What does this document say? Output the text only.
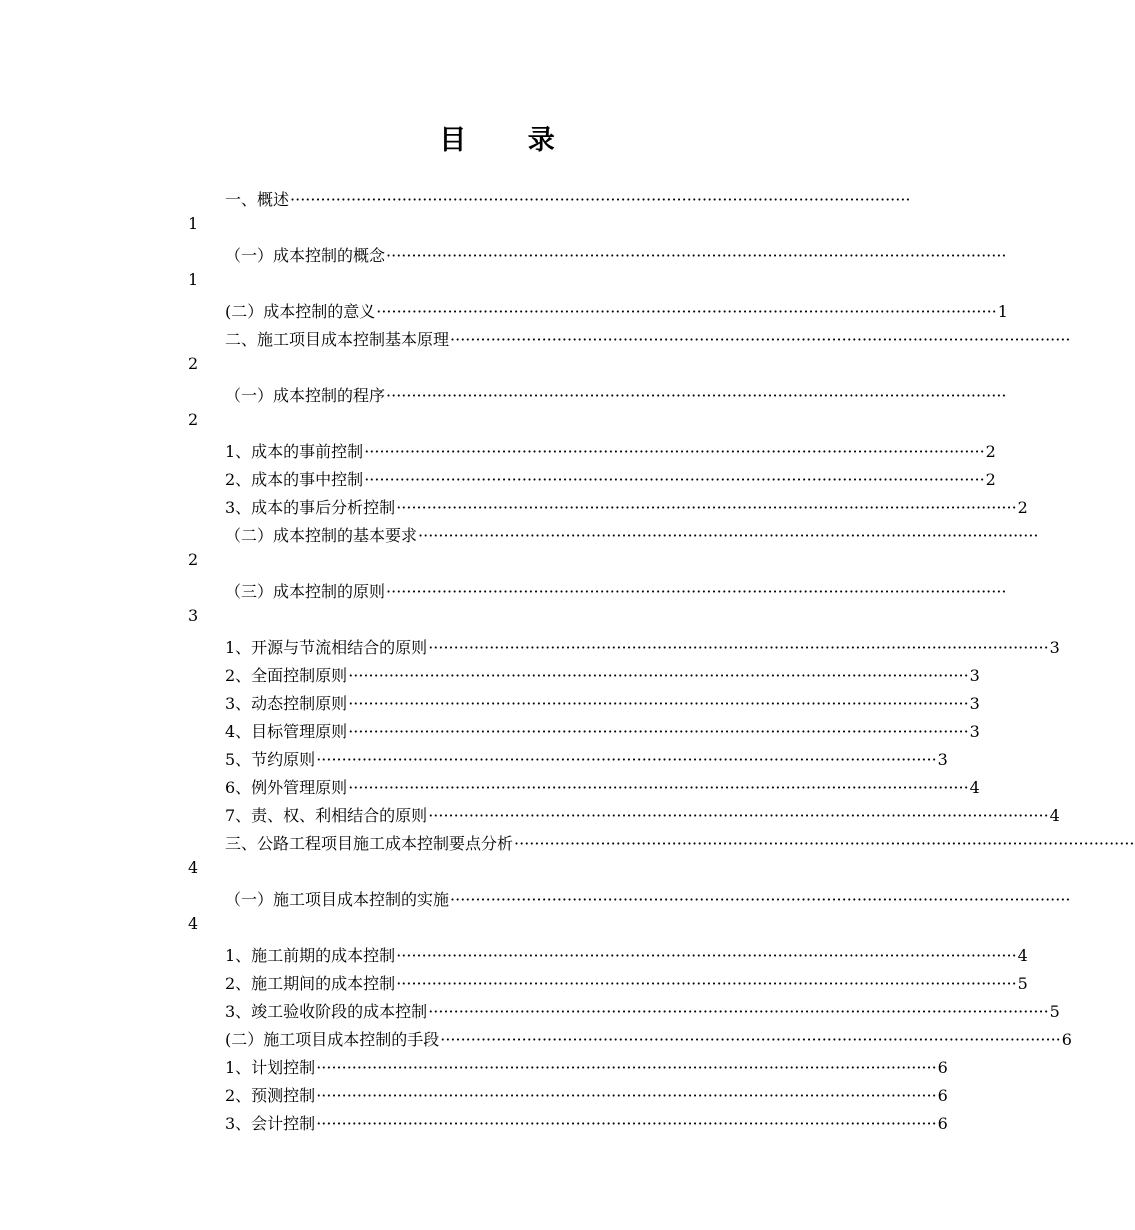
目 录
一、概述 ··························································································································
1
（一）成本控制的概念 ··························································································································
1
(二）成本控制的意义 ·························································································································· 1
二、施工项目成本控制基本原理 ··························································································································
2
（一）成本控制的程序 ··························································································································
2
1、成本的事前控制 ·························································································································· 2
2、成本的事中控制 ·························································································································· 2
3、成本的事后分析控制 ·························································································································· 2
（二）成本控制的基本要求 ··························································································································
2
（三）成本控制的原则 ··························································································································
3
1、开源与节流相结合的原则 ·························································································································· 3
2、全面控制原则 ·························································································································· 3
3、动态控制原则 ·························································································································· 3
4、目标管理原则 ·························································································································· 3
5、节约原则 ·························································································································· 3
6、例外管理原则 ·························································································································· 4
7、责、权、利相结合的原则 ·························································································································· 4
三、公路工程项目施工成本控制要点分析 ··························································································································
4
（一）施工项目成本控制的实施 ··························································································································
4
1、施工前期的成本控制 ·························································································································· 4
2、施工期间的成本控制 ·························································································································· 5
3、竣工验收阶段的成本控制 ·························································································································· 5
(二）施工项目成本控制的手段 ·························································································································· 6
1、计划控制 ·························································································································· 6
2、预测控制 ·························································································································· 6
3、会计控制 ·························································································································· 6
